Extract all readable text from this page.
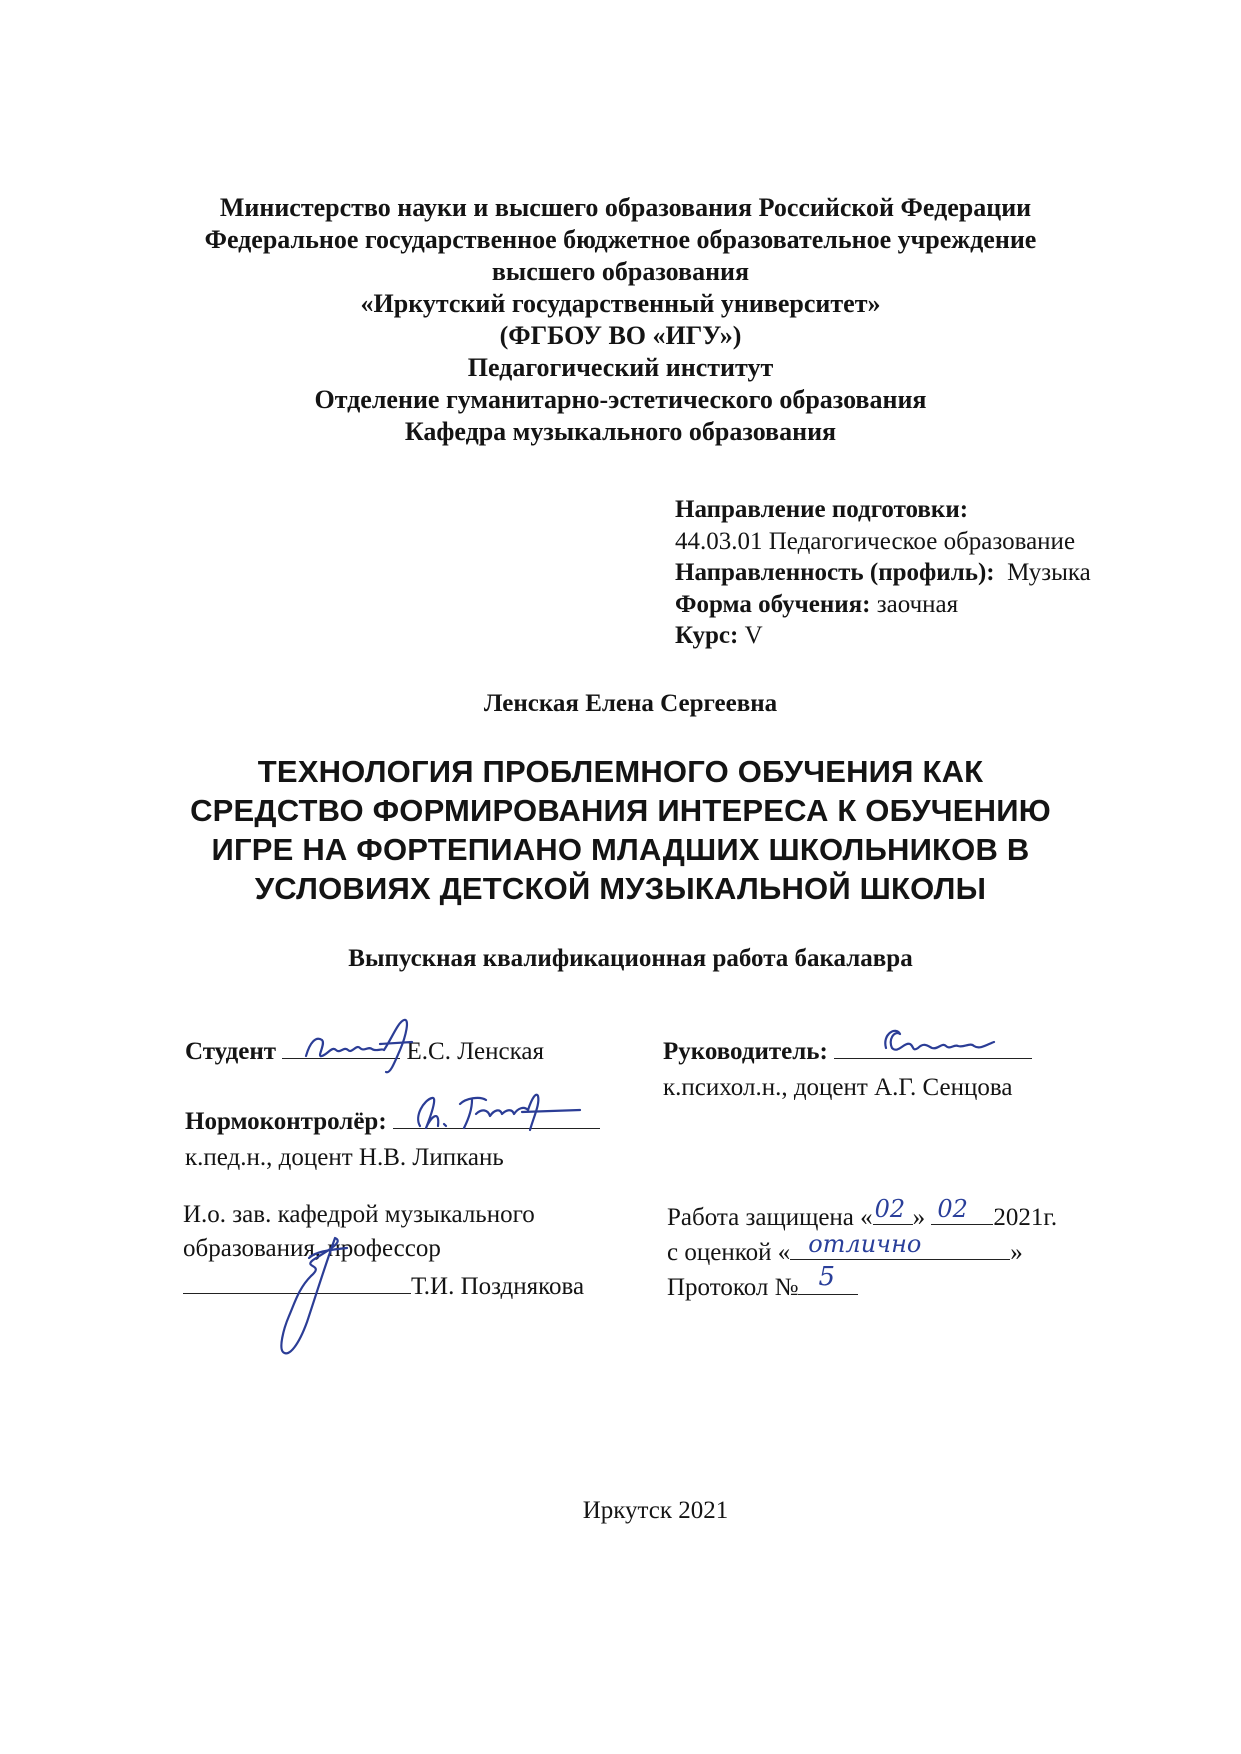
Министерство науки и высшего образования Российской Федерации
Федеральное государственное бюджетное образовательное учреждение
высшего образования
«Иркутский государственный университет»
(ФГБОУ ВО «ИГУ»)
Педагогический институт
Отделение гуманитарно-эстетического образования
Кафедра музыкального образования
Направление подготовки:
44.03.01 Педагогическое образование
Направленность (профиль): Музыка
Форма обучения: заочная
Курс: V
Ленская Елена Сергеевна
ТЕХНОЛОГИЯ ПРОБЛЕМНОГО ОБУЧЕНИЯ КАК
СРЕДСТВО ФОРМИРОВАНИЯ ИНТЕРЕСА К ОБУЧЕНИЮ
ИГРЕ НА ФОРТЕПИАНО МЛАДШИХ ШКОЛЬНИКОВ В
УСЛОВИЯХ ДЕТСКОЙ МУЗЫКАЛЬНОЙ ШКОЛЫ
Выпускная квалификационная работа бакалавра
Студент	Е.С. Ленская	Руководитель:
к.психол.н., доцент А.Г. Сенцова
Нормоконтролёр:
к.пед.н., доцент Н.В. Липкань
И.о. зав. кафедрой музыкального
образования, профессор
Т.И. Позднякова
Работа защищена « 02 » 02 2021г.
с оценкой « отлично	»
Протокол № 5
Иркутск 2021
